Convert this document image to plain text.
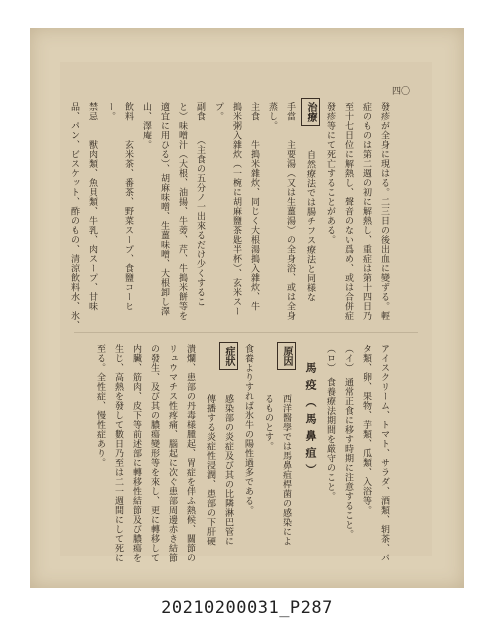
四〇
發疹が全身に現はる。二三日の後出血に變ずる。輕
症のものは第二週の初に解熱し、重症は第十四日乃
至十七日位に解熱し、聲音のない爲め、或は合併症
發疹等にて死亡することがある。
治療
自然療法では腸チフス療法と同様な
手當　　主要湯（又は生薑湯）の全身浴、或は全身
蒸し。
主食　　牛搗米雜炊、同じく大根湯搗入雜炊、牛
搗米粥入雜炊（一椀に胡麻鹽茶匙半杯）、玄米スー
プ。
副食　　（主食の五分ノ一出來るだけ少くするこ
と）味噌汁（大根、油揚、牛蒡、芹、牛搗米餅等を
適宜に用ひる）、胡麻味噌、生薑味噌、大根卸し澤
山、澤庵。
飲料　　玄米茶、番茶、野菜スープ、食鹽コーヒ
ー。
禁忌　　獸肉類、魚貝類、牛乳、肉スープ、甘味
品、パン、ビスケット、酢のもの、清涼飲料水、氷、
アイスクリーム、トマト、サラダ、酒類、䢁茶、バ
タ類、卵、果物、芋類、瓜類、入浴等。
（イ）　通常正食に移す時期に注意すること。
（ロ）　食養療法期間を厳守のこと。
馬疫（馬鼻疽）
原因
西洋醫學では馬鼻疽桿菌の感染によ
るものとす。
食養よりすれば氷牛の陽性過多である。
症狀
感染部の炎症及び其の比隣淋巴管に
傳播する炎症性浸潤、患部の下肝硬
潰爛、患部の丹毒様腫起、胃症を伴ふ熱候、關節の
リュウマチス性疼痛、腦起に次ぐ患部周邊赤き結節
の發生、及び其の膿瘍變形等を來し、更に轉移して
内臟、筋肉、皮下等前述部に轉移性結節及び膿瘍を
生じ、高熱を發して數日乃至は二一週間にして死に
至る。全性症、慢性症あり。
20210200031_P287
